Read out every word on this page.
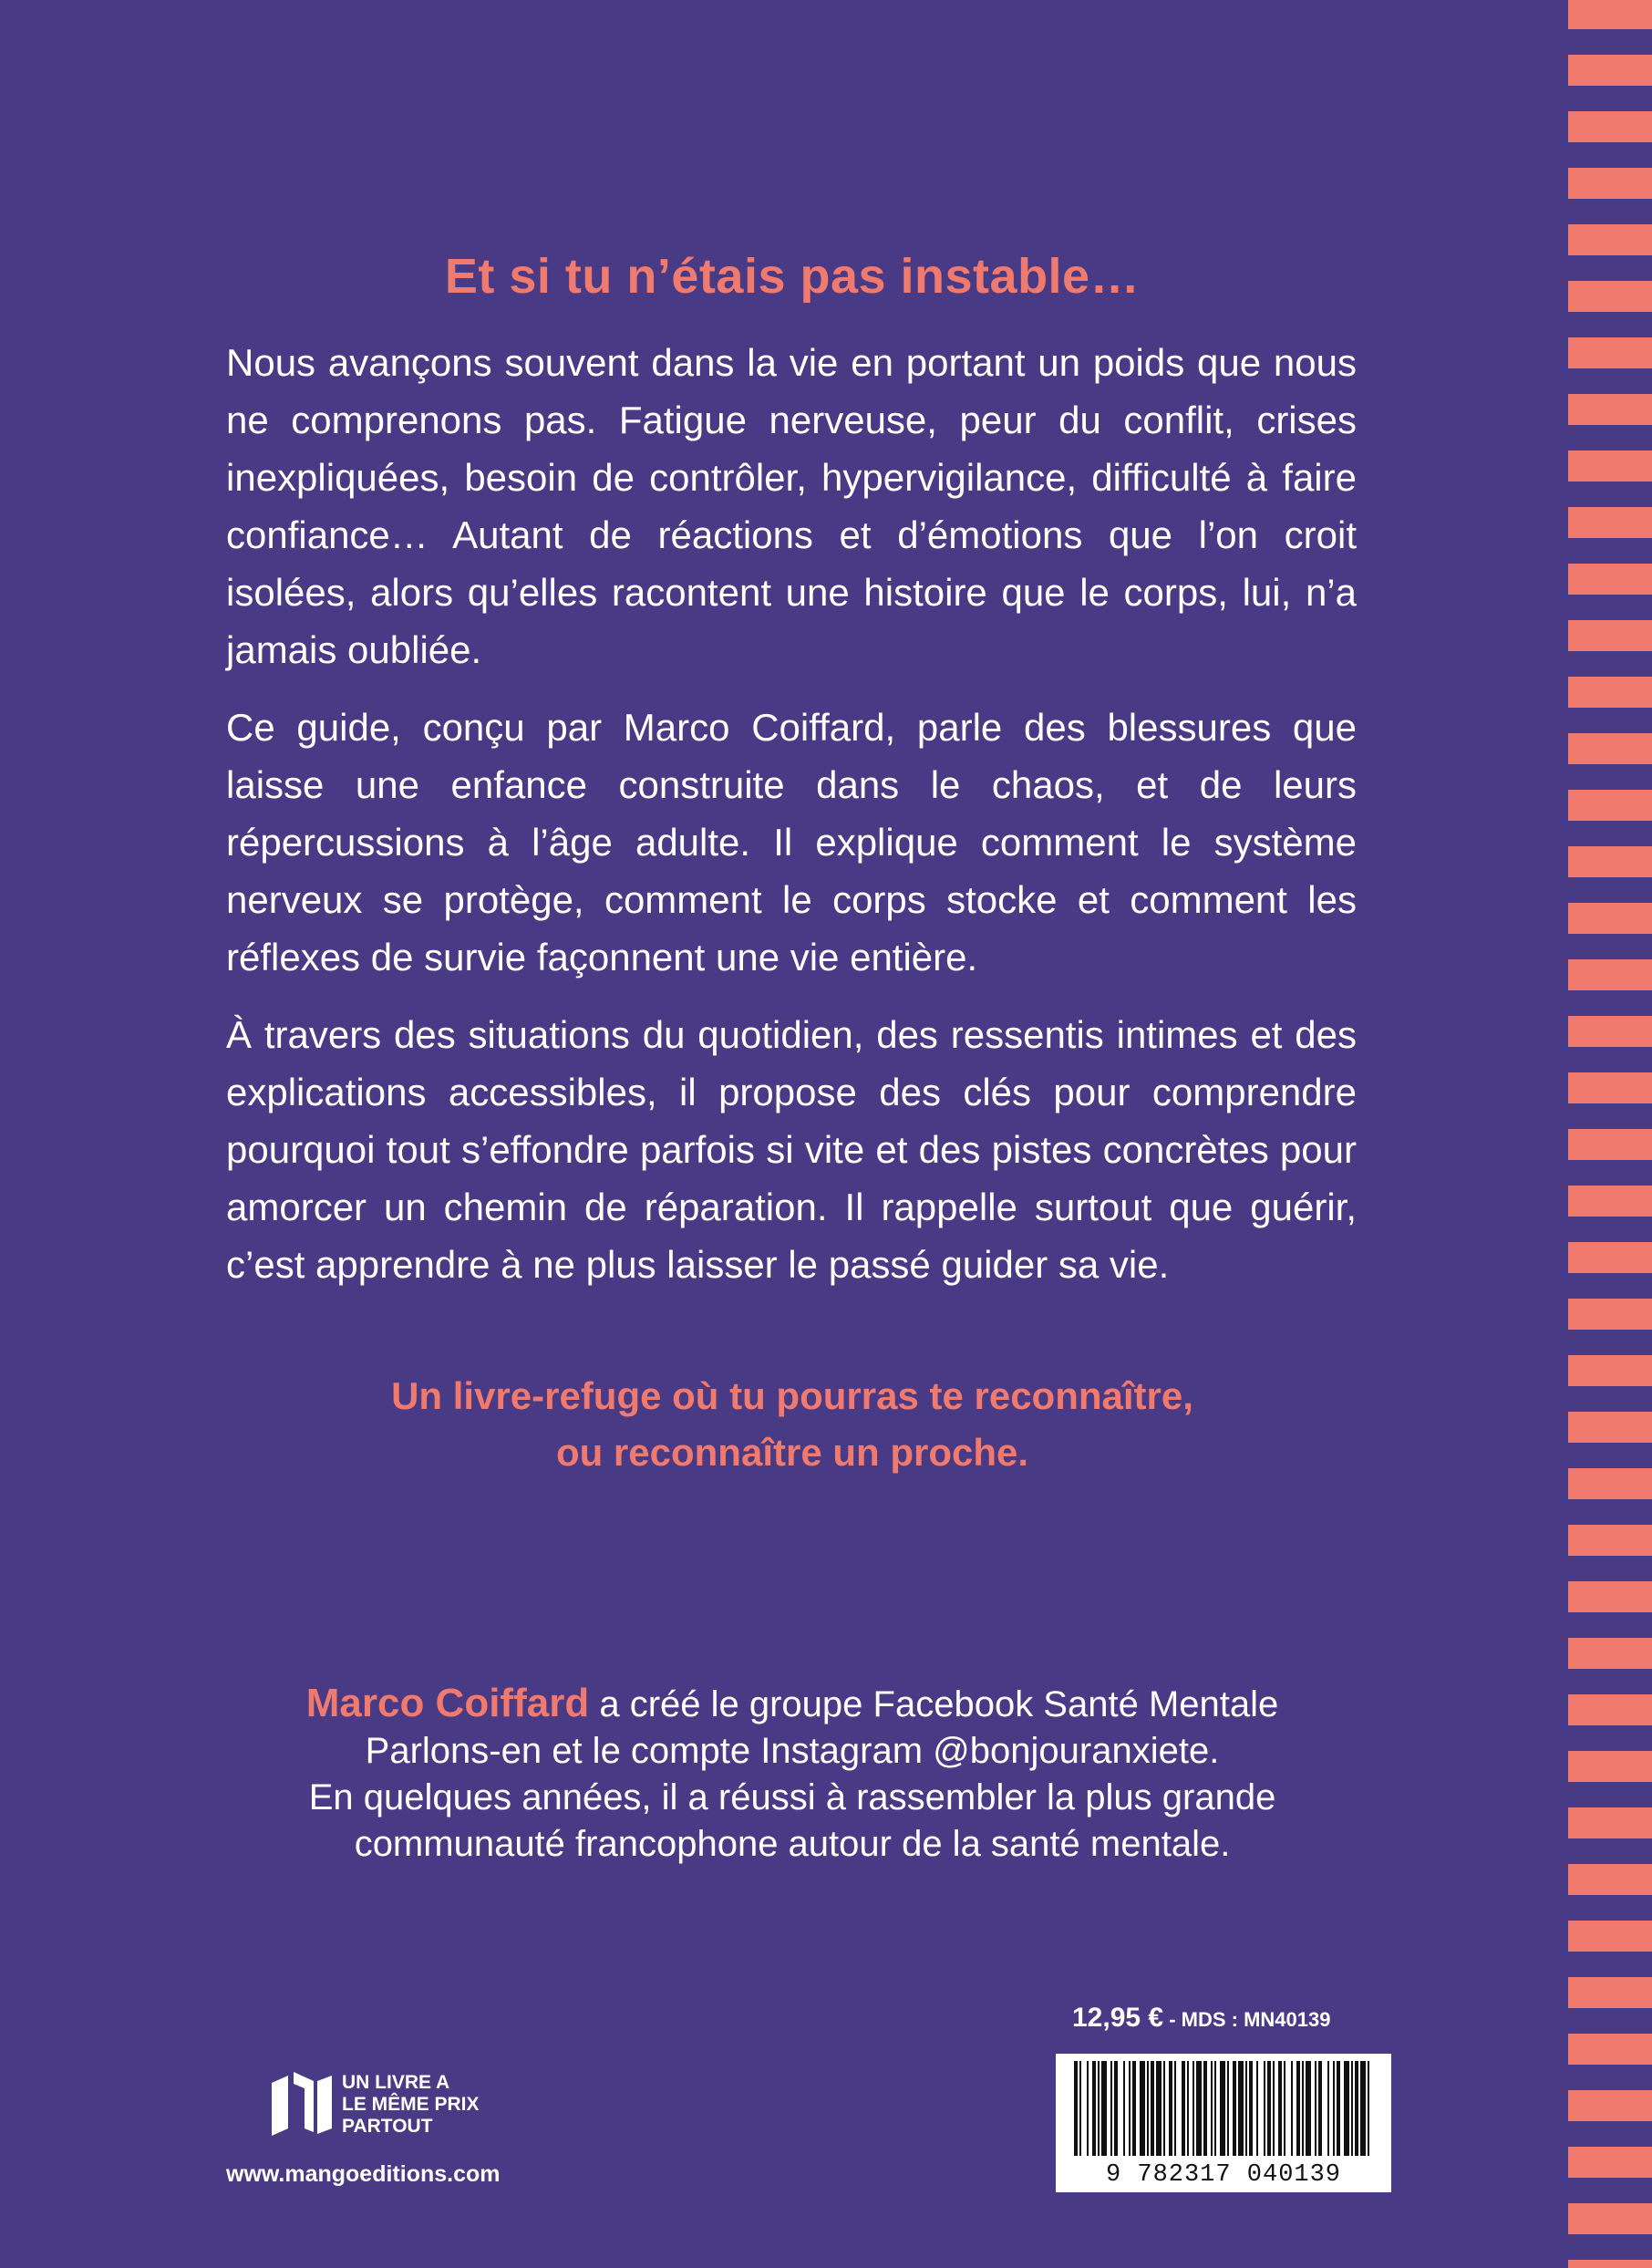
Et si tu n’étais pas instable…

Nous avançons souvent dans la vie en portant un poids que nous ne comprenons pas. Fatigue nerveuse, peur du conflit, crises inexpliquées, besoin de contrôler, hypervigilance, difficulté à faire confiance… Autant de réactions et d’émotions que l’on croit isolées, alors qu’elles racontent une histoire que le corps, lui, n’a jamais oubliée.

Ce guide, conçu par Marco Coiffard, parle des blessures que laisse une enfance construite dans le chaos, et de leurs répercussions à l’âge adulte. Il explique comment le système nerveux se protège, comment le corps stocke et comment les réflexes de survie façonnent une vie entière.

À travers des situations du quotidien, des ressentis intimes et des explications accessibles, il propose des clés pour comprendre pourquoi tout s’effondre parfois si vite et des pistes concrètes pour amorcer un chemin de réparation. Il rappelle surtout que guérir, c’est apprendre à ne plus laisser le passé guider sa vie.

Un livre-refuge où tu pourras te reconnaître,
ou reconnaître un proche.
Marco Coiffard a créé le groupe Facebook Santé Mentale
Parlons-en et le compte Instagram @bonjouranxiete.
En quelques années, il a réussi à rassembler la plus grande
communauté francophone autour de la santé mentale.
UN LIVRE A
LE MÊME PRIX
PARTOUT
www.mangoeditions.com
12,95 € - MDS : MN40139
9 782317 040139
